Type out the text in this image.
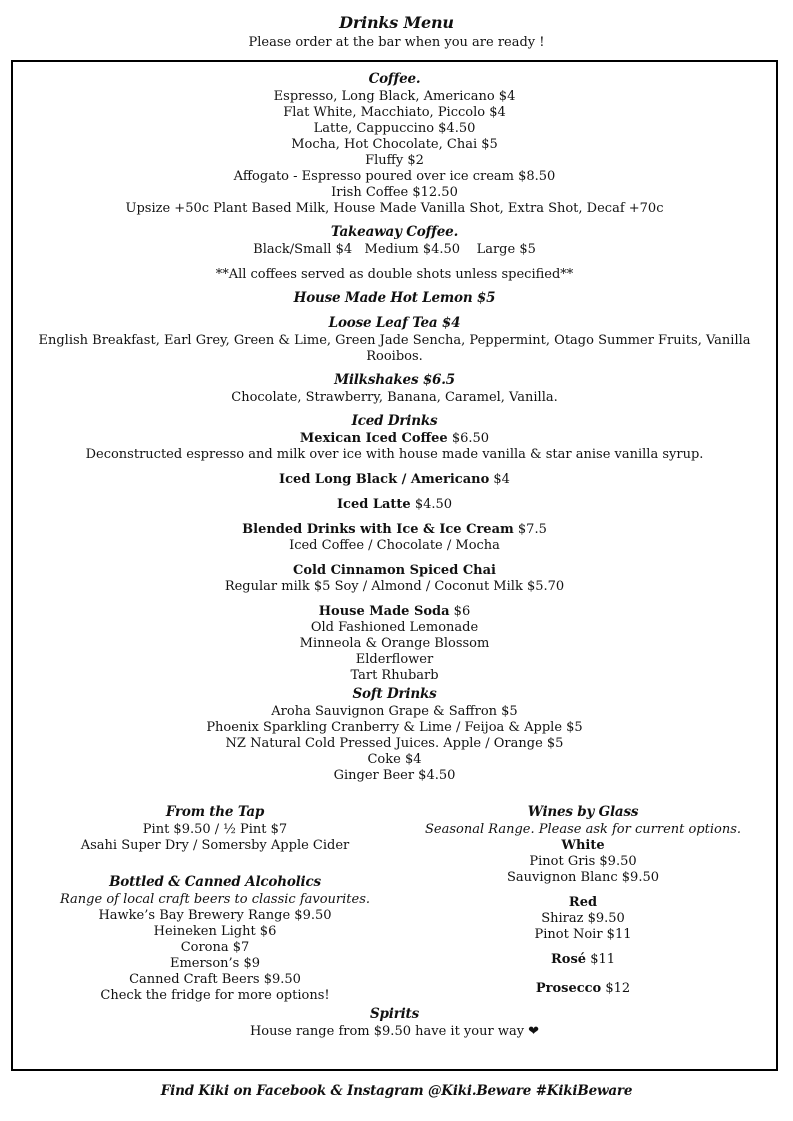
Drinks Menu
Please order at the bar when you are ready !
Coffee.
Espresso, Long Black, Americano $4
Flat White, Macchiato, Piccolo $4
Latte, Cappuccino $4.50
Mocha, Hot Chocolate, Chai $5
Fluffy $2
Affogato - Espresso poured over ice cream $8.50
Irish Coffee $12.50
Upsize +50c Plant Based Milk, House Made Vanilla Shot, Extra Shot, Decaf +70c
Takeaway Coffee.
Black/Small $4   Medium $4.50    Large $5
**All coffees served as double shots unless specified**
House Made Hot Lemon $5
Loose Leaf Tea $4
English Breakfast, Earl Grey, Green & Lime, Green Jade Sencha, Peppermint, Otago Summer Fruits, Vanilla Rooibos.
Milkshakes $6.5
Chocolate, Strawberry, Banana, Caramel, Vanilla.
Iced Drinks
Mexican Iced Coffee $6.50
Deconstructed espresso and milk over ice with house made vanilla & star anise vanilla syrup.
Iced Long Black / Americano $4
Iced Latte $4.50
Blended Drinks with Ice & Ice Cream $7.5
Iced Coffee / Chocolate / Mocha
Cold Cinnamon Spiced Chai
Regular milk $5 Soy / Almond / Coconut Milk $5.70
House Made Soda $6
Old Fashioned Lemonade
Minneola & Orange Blossom
Elderflower
Tart Rhubarb
Soft Drinks
Aroha Sauvignon Grape & Saffron $5
Phoenix Sparkling Cranberry & Lime / Feijoa & Apple $5
NZ Natural Cold Pressed Juices. Apple / Orange $5
Coke $4
Ginger Beer $4.50
From the Tap
Pint $9.50 / ½ Pint $7
Asahi Super Dry / Somersby Apple Cider
Bottled & Canned Alcoholics
Range of local craft beers to classic favourites.
Hawke’s Bay Brewery Range $9.50
Heineken Light $6
Corona $7
Emerson’s $9
Canned Craft Beers $9.50
Check the fridge for more options!
Wines by Glass
Seasonal Range. Please ask for current options.
White
Pinot Gris $9.50
Sauvignon Blanc $9.50
Red
Shiraz $9.50
Pinot Noir $11
Rosé $11
Prosecco $12
Spirits
House range from $9.50 have it your way ❤
Find Kiki on Facebook & Instagram @Kiki.Beware #KikiBeware
